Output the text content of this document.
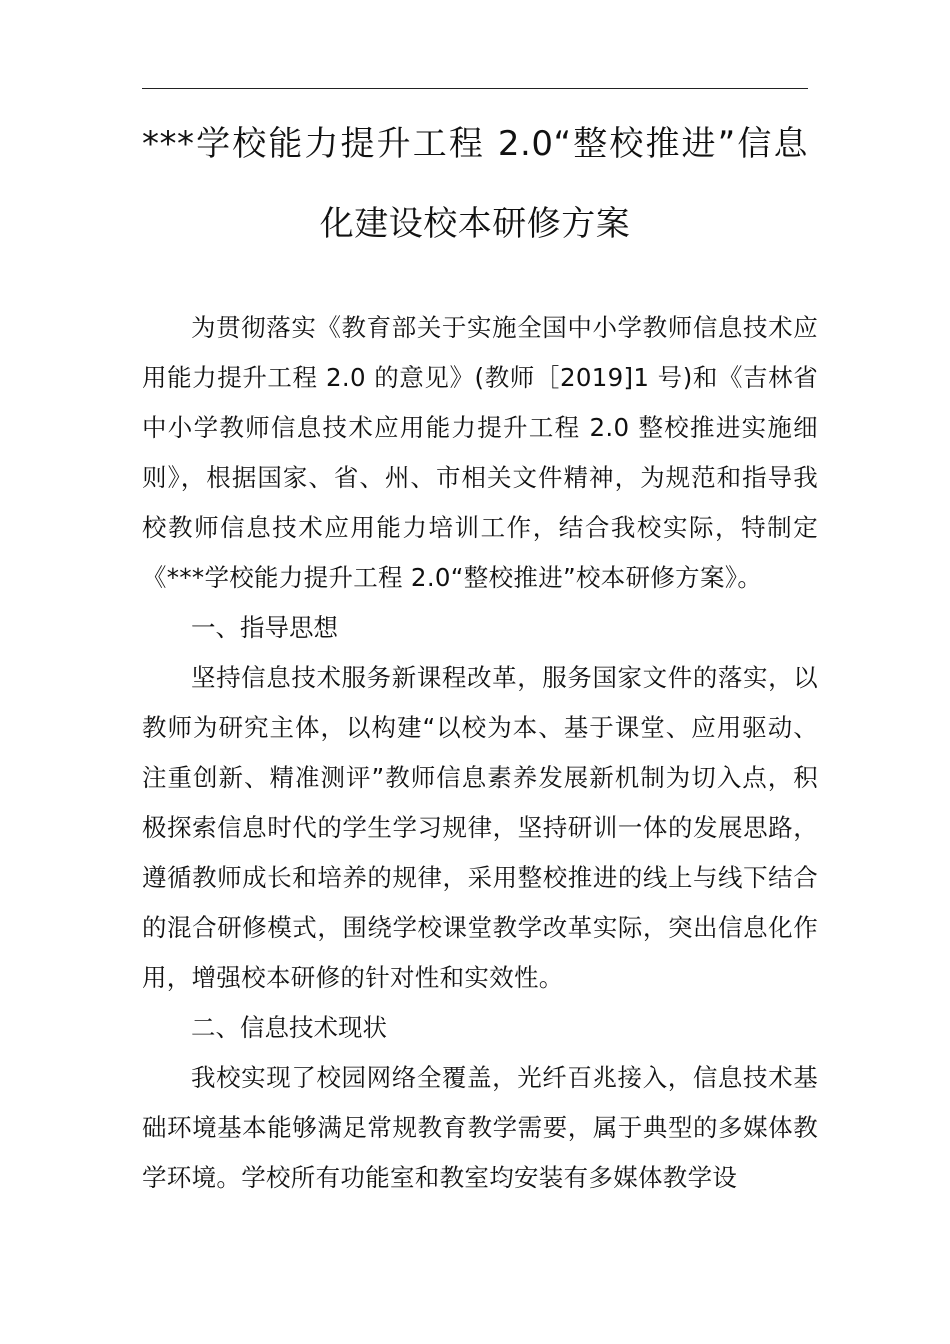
***学校能力提升工程 2.0“整校推进”信息
化建设校本研修方案

为贯彻落实《教育部关于实施全国中小学教师信息技术应用能力提升工程 2.0 的意见》(教师［2019]1 号)和《吉林省中小学教师信息技术应用能力提升工程 2.0 整校推进实施细则》，根据国家、省、州、市相关文件精神，为规范和指导我校教师信息技术应用能力培训工作，结合我校实际，特制定《***学校能力提升工程 2.0“整校推进”校本研修方案》。

一、指导思想

坚持信息技术服务新课程改革，服务国家文件的落实，以教师为研究主体，以构建“以校为本、基于课堂、应用驱动、注重创新、精准测评”教师信息素养发展新机制为切入点，积极探索信息时代的学生学习规律，坚持研训一体的发展思路，遵循教师成长和培养的规律，采用整校推进的线上与线下结合的混合研修模式，围绕学校课堂教学改革实际，突出信息化作用，增强校本研修的针对性和实效性。

二、信息技术现状

我校实现了校园网络全覆盖，光纤百兆接入，信息技术基础环境基本能够满足常规教育教学需要，属于典型的多媒体教学环境。学校所有功能室和教室均安装有多媒体教学设
